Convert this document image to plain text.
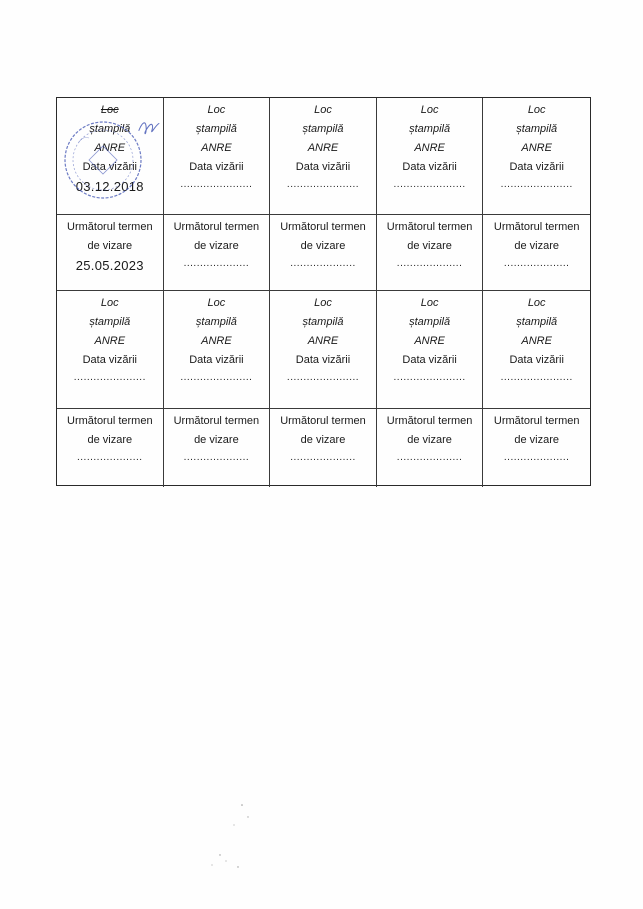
Loc
ștampilă
ANRE
Data vizării
03.12.2018
Loc
ștampilă
ANRE
Data vizării
......................
Loc
ștampilă
ANRE
Data vizării
......................
Loc
ștampilă
ANRE
Data vizării
......................
Loc
ștampilă
ANRE
Data vizării
......................
Următorul termen
de vizare
25.05.2023
Următorul termen
de vizare
....................
Următorul termen
de vizare
....................
Următorul termen
de vizare
....................
Următorul termen
de vizare
....................
Loc
ștampilă
ANRE
Data vizării
......................
Loc
ștampilă
ANRE
Data vizării
......................
Loc
ștampilă
ANRE
Data vizării
......................
Loc
ștampilă
ANRE
Data vizării
......................
Loc
ștampilă
ANRE
Data vizării
......................
Următorul termen
de vizare
....................
Următorul termen
de vizare
....................
Următorul termen
de vizare
....................
Următorul termen
de vizare
....................
Următorul termen
de vizare
....................
